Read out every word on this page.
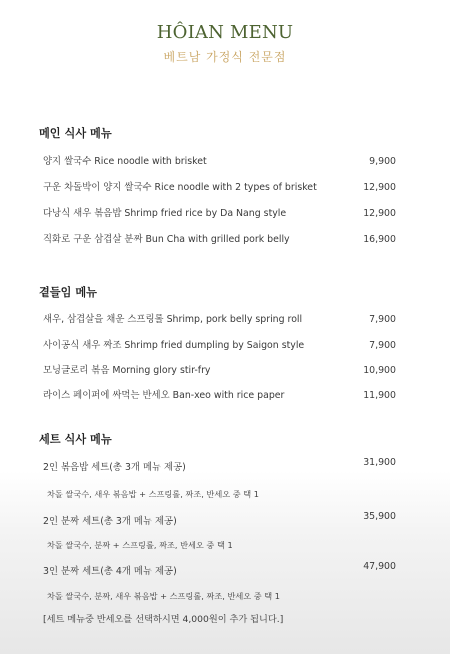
HÔIAN MENU
베트남 가정식 전문점
메인 식사 메뉴
양지 쌀국수 Rice noodle with brisket	9,900
구운 차돌박이 양지 쌀국수 Rice noodle with 2 types of brisket	12,900
다낭식 새우 볶음밥 Shrimp fried rice by Da Nang style	12,900
직화로 구운 삼겹살 분짜 Bun Cha with grilled pork belly	16,900
곁들임 메뉴
새우, 삼겹살을 채운 스프링롤 Shrimp, pork belly spring roll	7,900
사이공식 새우 짜조 Shrimp fried dumpling by Saigon style	7,900
모닝글로리 볶음 Morning glory stir-fry	10,900
라이스 페이퍼에 싸먹는 반세오 Ban-xeo with rice paper	11,900
세트 식사 메뉴
2인 볶음밥 세트(총 3개 메뉴 제공)	31,900
차돌 쌀국수, 새우 볶음밥 + 스프링롤, 짜조, 반세오 중 택 1
2인 분짜 세트(총 3개 메뉴 제공)	35,900
차돌 쌀국수, 분짜 + 스프링롤, 짜조, 반세오 중 택 1
3인 분짜 세트(총 4개 메뉴 제공)	47,900
차돌 쌀국수, 분짜, 새우 볶음밥 + 스프링롤, 짜조, 반세오 중 택 1
[세트 메뉴중 반세오를 선택하시면 4,000원이 추가 됩니다.]
